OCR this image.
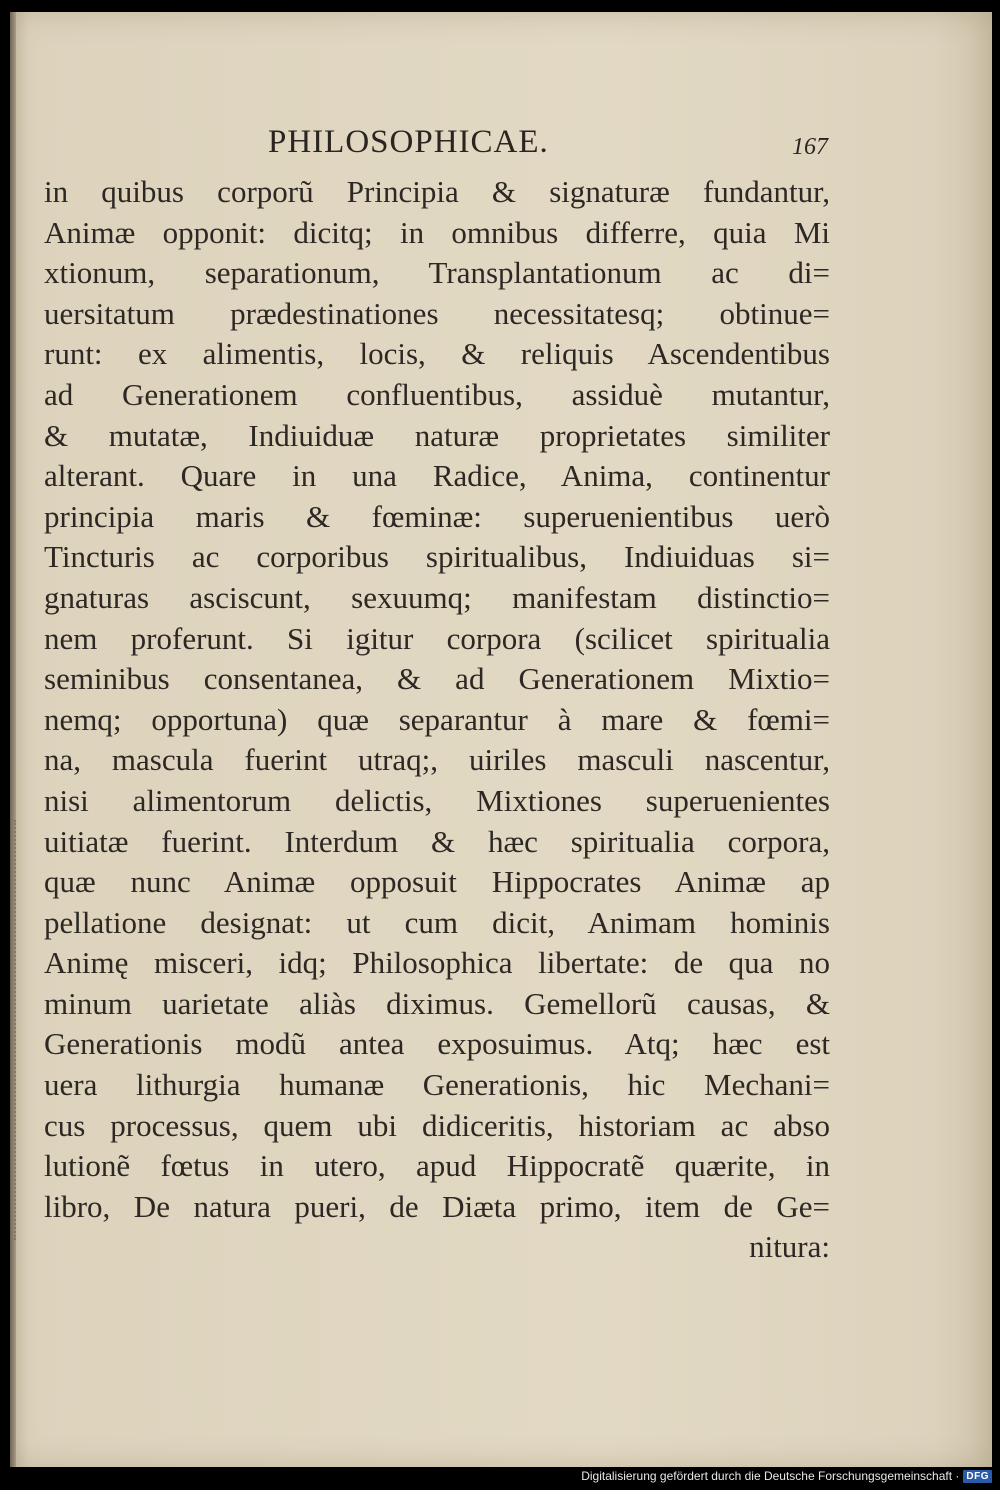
PHILOSOPHICAE.	167
in quibus corporũ Principia & signaturæ fundantur,
Animæ opponit: dicitq; in omnibus differre, quia Mi
xtionum, separationum, Transplantationum ac di=
uersitatum prædestinationes necessitatesq; obtinue=
runt: ex alimentis, locis, & reliquis Ascendentibus
ad Generationem confluentibus, assiduè mutantur,
& mutatæ, Indiuiduæ naturæ proprietates similiter
alterant. Quare in una Radice, Anima, continentur
principia maris & fœminæ: superuenientibus uerò
Tincturis ac corporibus spiritualibus, Indiuiduas si=
gnaturas asciscunt, sexuumq; manifestam distinctio=
nem proferunt. Si igitur corpora (scilicet spiritualia
seminibus consentanea, & ad Generationem Mixtio=
nemq; opportuna) quæ separantur à mare & fœmi=
na, mascula fuerint utraq;, uiriles masculi nascentur,
nisi alimentorum delictis, Mixtiones superuenientes
uitiatæ fuerint. Interdum & hæc spiritualia corpora,
quæ nunc Animæ opposuit Hippocrates Animæ ap
pellatione designat: ut cum dicit, Animam hominis
Animę misceri, idq; Philosophica libertate: de qua no
minum uarietate aliàs diximus. Gemellorũ causas, &
Generationis modũ antea exposuimus. Atq; hæc est
uera lithurgia humanæ Generationis, hic Mechani=
cus processus, quem ubi didiceritis, historiam ac abso
lutionẽ fœtus in utero, apud Hippocratẽ quærite, in
libro, De natura pueri, de Diæta primo, item de Ge=
nitura:
Digitalisierung gefördert durch die Deutsche Forschungsgemeinschaft · DFG
